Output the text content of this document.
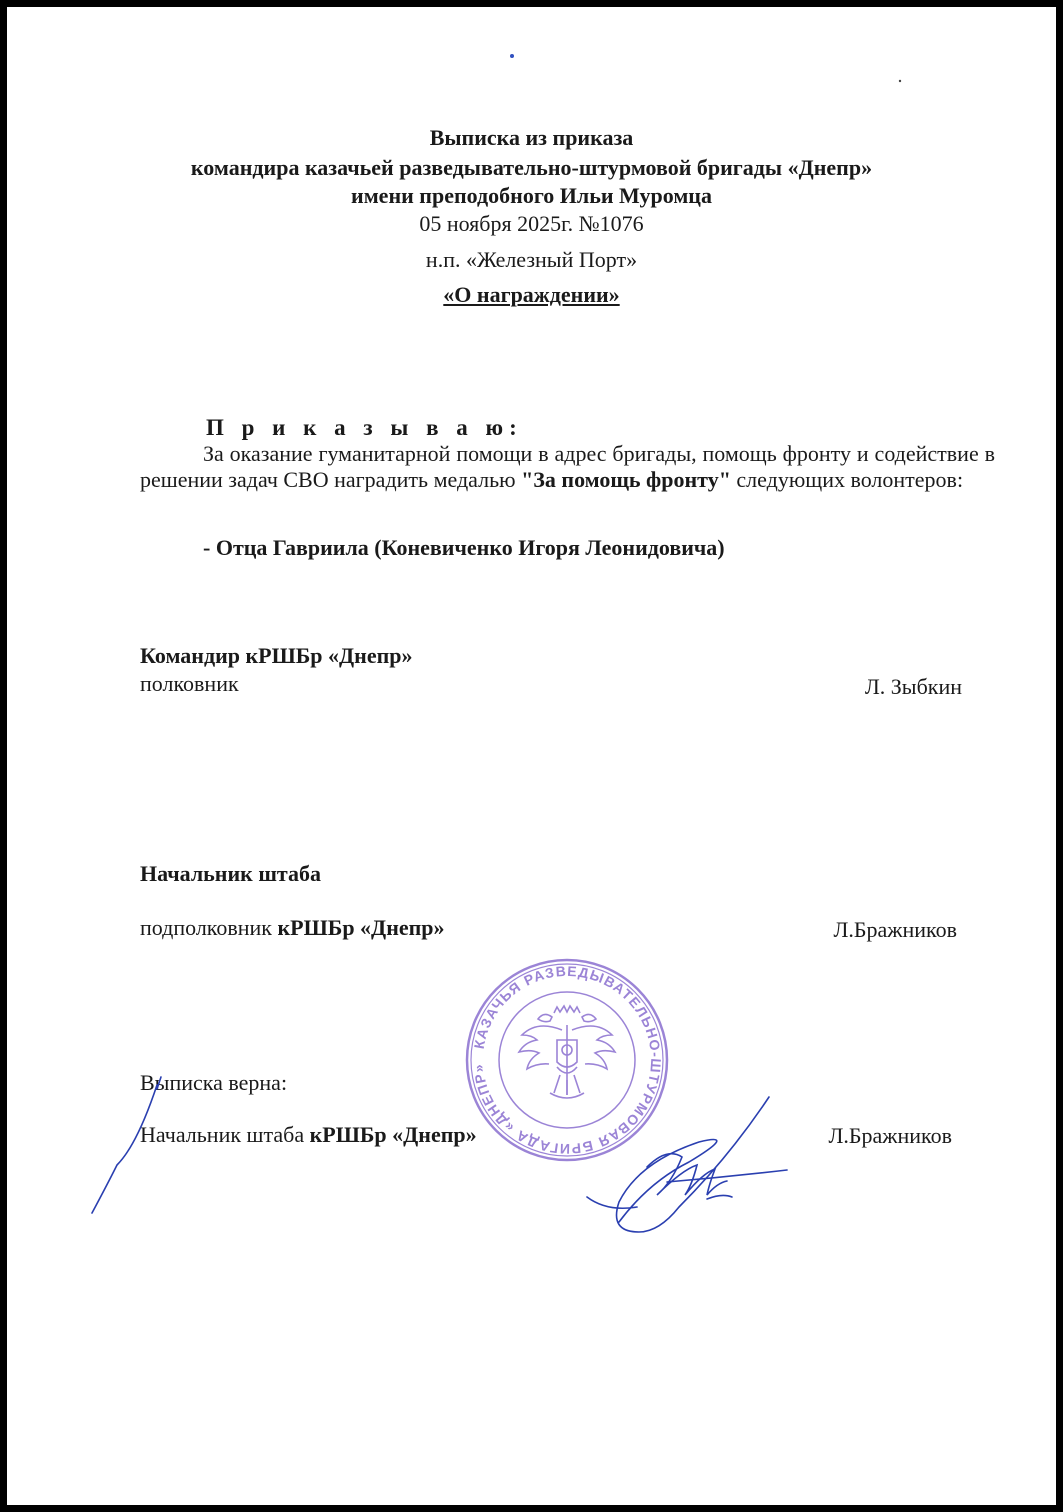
Выписка из приказа
командира казачьей разведывательно-штурмовой бригады «Днепр»
имени преподобного Ильи Муромца
05 ноября 2025г. №1076
н.п. «Железный Порт»
«О награждении»
П р и к а з ы в а ю:
За оказание гуманитарной помощи в адрес бригады, помощь фронту и содействие в решении задач СВО наградить медалью "За помощь фронту" следующих волонтеров:
- Отца Гавриила (Коневиченко Игоря Леонидовича)
Командир кРШБр «Днепр»
полковник	Л. Зыбкин
Начальник штаба
подполковник кРШБр «Днепр»	Л.Бражников
Выписка верна:
Начальник штаба кРШБр «Днепр»	Л.Бражников
КАЗАЧЬЯ РАЗВЕДЫВАТЕЛЬНО-ШТУРМОВАЯ БРИГАДА «ДНЕПР»
